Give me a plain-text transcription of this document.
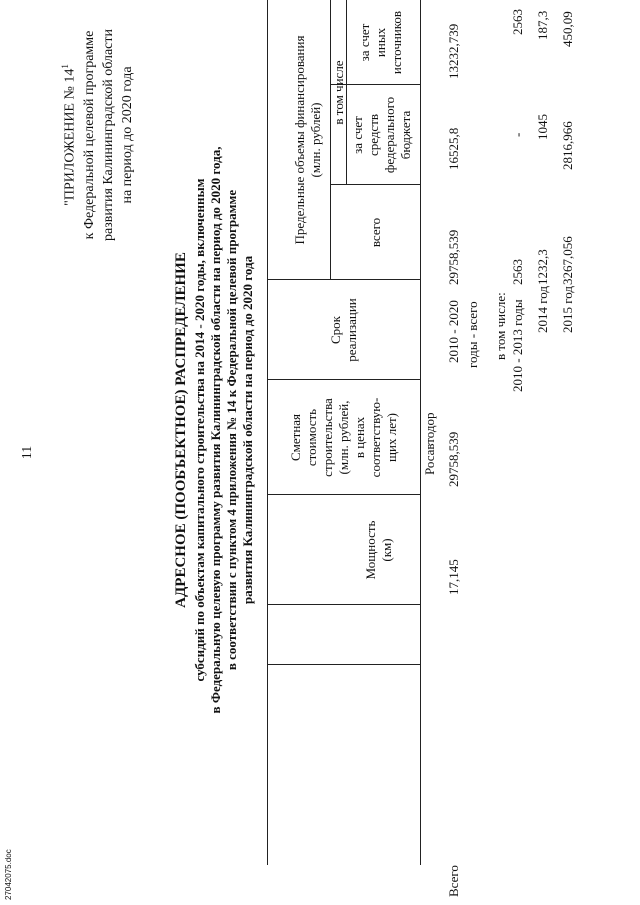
11
"ПРИЛОЖЕНИЕ № $14^1$ к Федеральной целевой программе развития Калининградской области на период до 2020 года
АДРЕСНОЕ (ПООБЪЕКТНОЕ) РАСПРЕДЕЛЕНИЕ субсидий по объектам капитального строительства на 2014 - 2020 годы, включенным в Федеральную целевую программу развития Калининградской области на период до 2020 года, в соответствии с пунктом 4 приложения № 14 к Федеральной целевой программе развития Калининградской области на период до 2020 года	Мощность (км)
Сметная стоимость строительства (млн. рублей, в ценах соответствую- щих лет)
Срок реализации
Предельные объемы финансирования (млн. рублей)
всего
в том числе
за счет средств федерального бюджета
за счет иных источников
Росавтодор
Всего
17,145
29758,539
2010 - 2020
29758,539
16525,8
13232,739
годы - всего в том числе: 2010 - 2013 годы
2563
-
2563
2014 год
1232,3
1045
187,3
2015 год
3267,056
2816,966
450,09
27042075.doc
